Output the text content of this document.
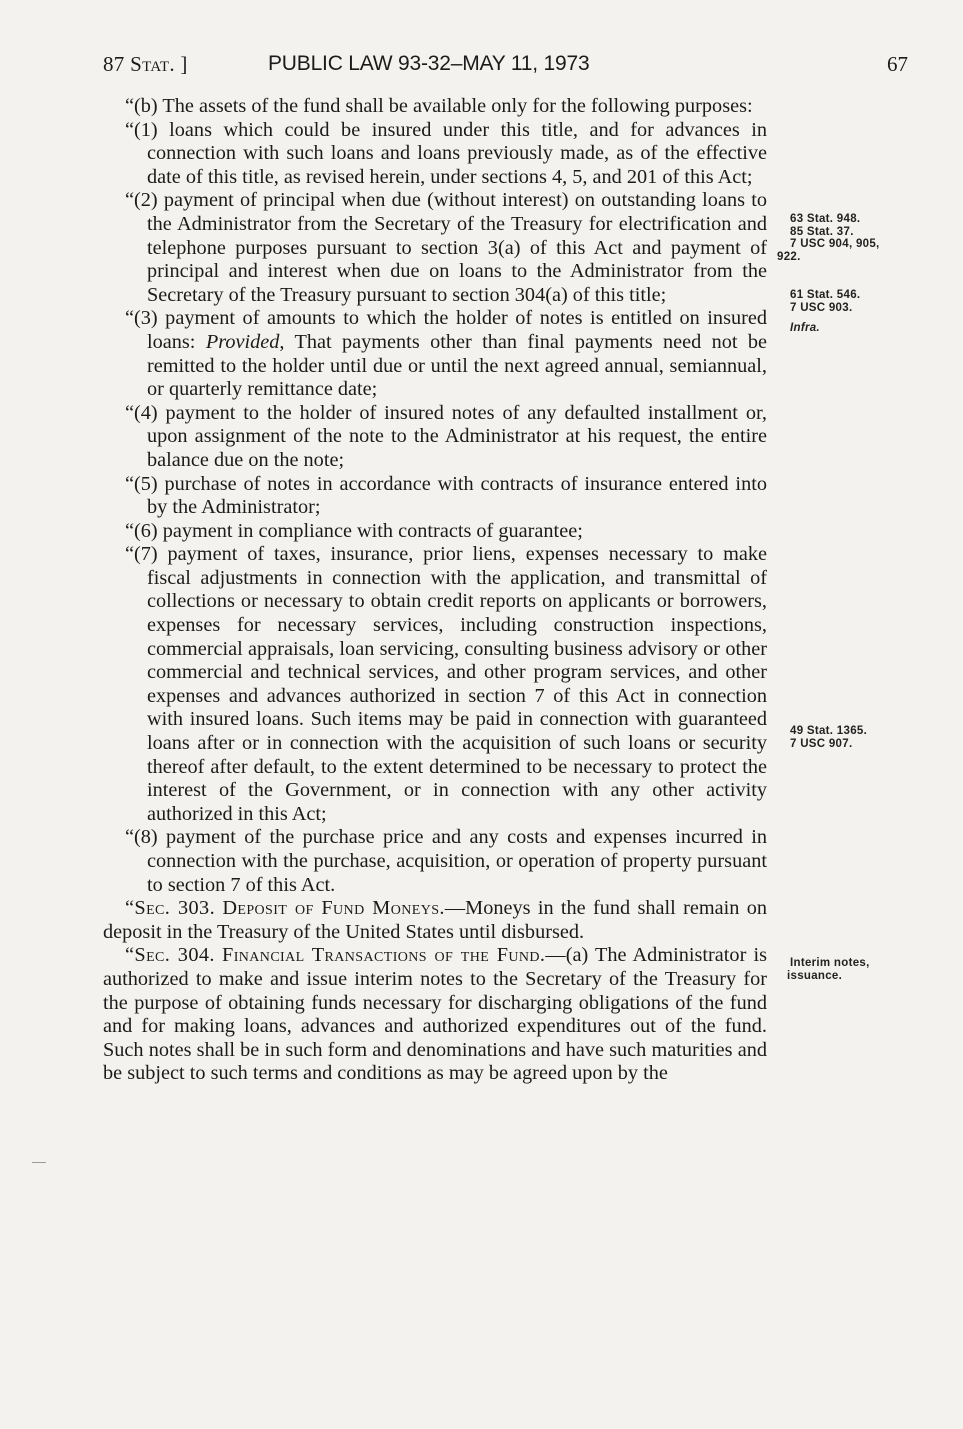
87 Stat. ]	PUBLIC LAW 93-32–MAY 11, 1973	67

“(b) The assets of the fund shall be available only for the following purposes:

“(1) loans which could be insured under this title, and for advances in connection with such loans and loans previously made, as of the effective date of this title, as revised herein, under sections 4, 5, and 201 of this Act;

“(2) payment of principal when due (without interest) on outstanding loans to the Administrator from the Secretary of the Treasury for electrification and telephone purposes pursuant to section 3(a) of this Act and payment of principal and interest when due on loans to the Administrator from the Secretary of the Treasury pursuant to section 304(a) of this title;

“(3) payment of amounts to which the holder of notes is entitled on insured loans: Provided, That payments other than final payments need not be remitted to the holder until due or until the next agreed annual, semiannual, or quarterly remittance date;

“(4) payment to the holder of insured notes of any defaulted installment or, upon assignment of the note to the Administrator at his request, the entire balance due on the note;

“(5) purchase of notes in accordance with contracts of insurance entered into by the Administrator;

“(6) payment in compliance with contracts of guarantee;

“(7) payment of taxes, insurance, prior liens, expenses necessary to make fiscal adjustments in connection with the application, and transmittal of collections or necessary to obtain credit reports on applicants or borrowers, expenses for necessary services, including construction inspections, commercial appraisals, loan servicing, consulting business advisory or other commercial and technical services, and other program services, and other expenses and advances authorized in section 7 of this Act in connection with insured loans. Such items may be paid in connection with guaranteed loans after or in connection with the acquisition of such loans or security thereof after default, to the extent determined to be necessary to protect the interest of the Government, or in connection with any other activity authorized in this Act;

“(8) payment of the purchase price and any costs and expenses incurred in connection with the purchase, acquisition, or operation of property pursuant to section 7 of this Act.

“Sec. 303. Deposit of Fund Moneys.—Moneys in the fund shall remain on deposit in the Treasury of the United States until disbursed.

“Sec. 304. Financial Transactions of the Fund.—(a) The Administrator is authorized to make and issue interim notes to the Secretary of the Treasury for the purpose of obtaining funds necessary for discharging obligations of the fund and for making loans, advances and authorized expenditures out of the fund. Such notes shall be in such form and denominations and have such maturities and be subject to such terms and conditions as may be agreed upon by the

63 Stat. 948.
85 Stat. 37.
7 USC 904, 905,
922.
61 Stat. 546.
7 USC 903.
Infra.
49 Stat. 1365.
7 USC 907.
Interim notes,
issuance.
